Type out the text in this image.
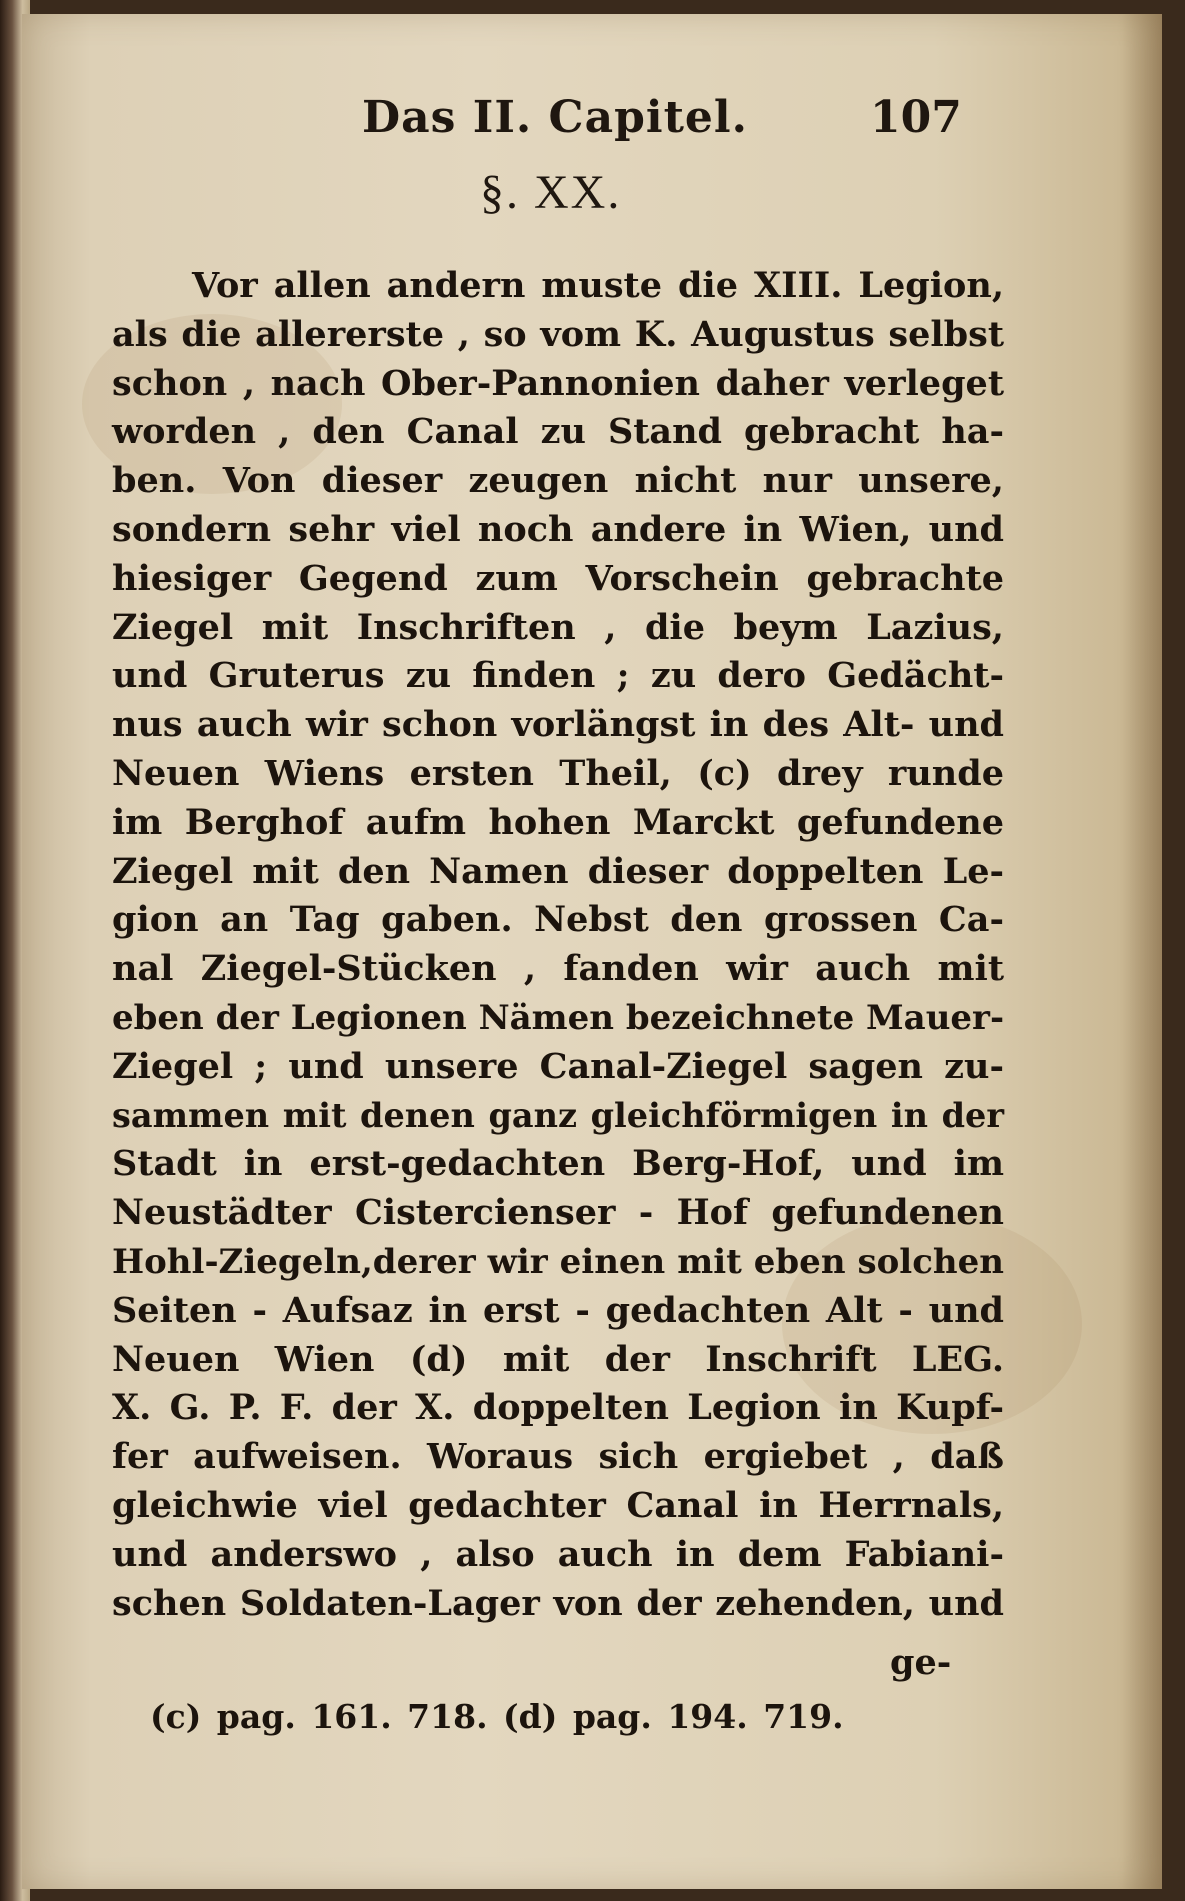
Das II. Capitel.	107
§. XX.
Vor allen andern muste die XIII. Legion,
als die allererste , so vom K. Augustus selbst
schon , nach Ober-Pannonien daher verleget
worden , den Canal zu Stand gebracht ha-
ben. Von dieser zeugen nicht nur unsere,
sondern sehr viel noch andere in Wien, und
hiesiger Gegend zum Vorschein gebrachte
Ziegel mit Inschriften , die beym Lazius,
und Gruterus zu finden ; zu dero Gedächt-
nus auch wir schon vorlängst in des Alt- und
Neuen Wiens ersten Theil, (c) drey runde
im Berghof aufm hohen Marckt gefundene
Ziegel mit den Namen dieser doppelten Le-
gion an Tag gaben. Nebst den grossen Ca-
nal Ziegel-Stücken , fanden wir auch mit
eben der Legionen Nämen bezeichnete Mauer-
Ziegel ; und unsere Canal-Ziegel sagen zu-
sammen mit denen ganz gleichförmigen in der
Stadt in erst-gedachten Berg-Hof, und im
Neustädter Cistercienser - Hof gefundenen
Hohl-Ziegeln,derer wir einen mit eben solchen
Seiten - Aufsaz in erst - gedachten Alt - und
Neuen Wien (d) mit der Inschrift LEG.
X. G. P. F. der X. doppelten Legion in Kupf-
fer aufweisen. Woraus sich ergiebet , daß
gleichwie viel gedachter Canal in Herrnals,
und anderswo , also auch in dem Fabiani-
schen Soldaten-Lager von der zehenden, und
ge-
(c) pag. 161. 718. (d) pag. 194. 719.
